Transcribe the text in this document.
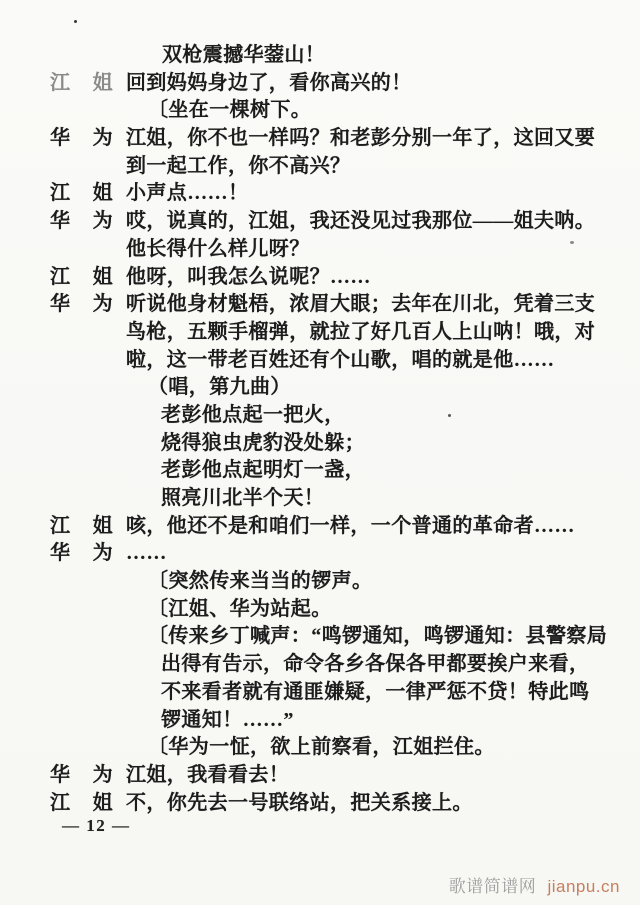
双枪震撼华蓥山！
江 姐 回到妈妈身边了，看你高兴的！
〔坐在一棵树下。
华 为 江姐，你不也一样吗？和老彭分别一年了，这回又要
到一起工作，你不高兴？
江 姐 小声点……！
华 为 哎，说真的，江姐，我还没见过我那位——姐夫呐。
他长得什么样儿呀？
江 姐 他呀，叫我怎么说呢？……
华 为 听说他身材魁梧，浓眉大眼；去年在川北，凭着三支
鸟枪，五颗手榴弹，就拉了好几百人上山呐！哦，对
啦，这一带老百姓还有个山歌，唱的就是他……
（唱，第九曲）
老彭他点起一把火，
烧得狼虫虎豹没处躲；
老彭他点起明灯一盏，
照亮川北半个天！
江 姐 咳，他还不是和咱们一样，一个普通的革命者……
华 为 ……
〔突然传来当当的锣声。
〔江姐、华为站起。
〔传来乡丁喊声：“鸣锣通知，鸣锣通知：县警察局
出得有告示，命令各乡各保各甲都要挨户来看，
不来看者就有通匪嫌疑，一律严惩不贷！特此鸣
锣通知！……”
〔华为一怔，欲上前察看，江姐拦住。
华 为 江姐，我看看去！
江 姐 不，你先去一号联络站，把关系接上。
— 12 —
歌谱简谱网 jianpu.cn
